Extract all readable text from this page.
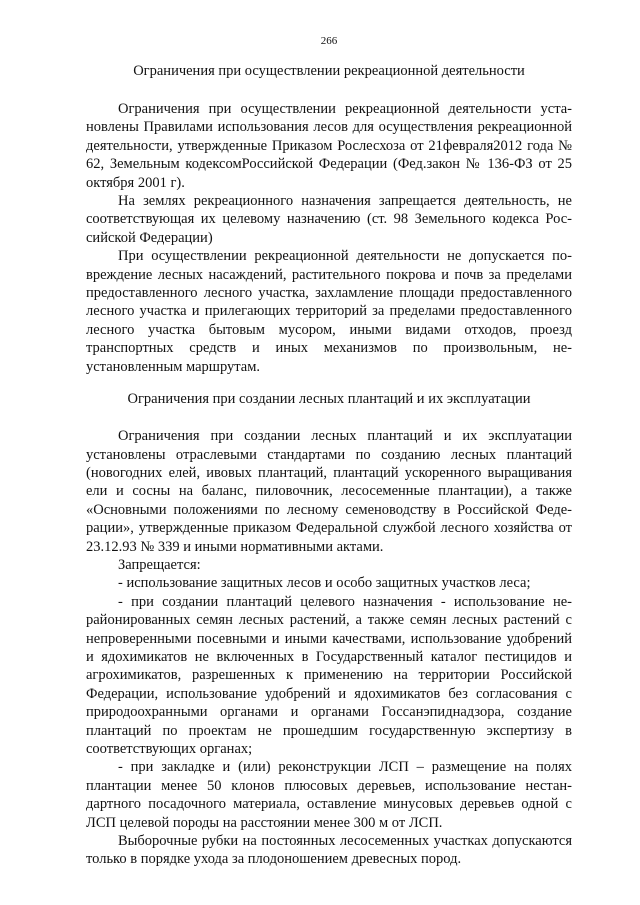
266
Ограничения при осуществлении рекреационной деятельности

Ограничения при осуществлении рекреационной деятельности установлены Правилами использования лесов для осуществления рекреационной деятельности, утвержденные Приказом Рослесхоза от 21февраля2012 года № 62, Земельным кодексомРоссийской Федерации (Фед.закон № 136-ФЗ от 25 октября 2001 г).

На землях рекреационного назначения запрещается деятельность, не соответствующая их целевому назначению (ст. 98 Земельного кодекса Российской Федерации)

При осуществлении рекреационной деятельности не допускается повреждение лесных насаждений, растительного покрова и почв за пределами предоставленного лесного участка, захламление площади предоставленного лесного участка и прилегающих территорий за пределами предоставленного лесного участка бытовым мусором, иными видами отходов, проезд транспортных средств и иных механизмов по произвольным, неустановленным маршрутам.

Ограничения при создании лесных плантаций и их эксплуатации

Ограничения при создании лесных плантаций и их эксплуатации установлены отраслевыми стандартами по созданию лесных плантаций (новогодних елей, ивовых плантаций, плантаций ускоренного выращивания ели и сосны на баланс, пиловочник, лесосеменные плантации), а также «Основными положениями по лесному семеноводству в Российской Федерации», утвержденные приказом Федеральной службой лесного хозяйства от 23.12.93 № 339 и иными нормативными актами.

Запрещается:

- использование защитных лесов и особо защитных участков леса;

- при создании плантаций целевого назначения - использование нерайонированных семян лесных растений, а также семян лесных растений с непроверенными посевными и иными качествами, использование удобрений и ядохимикатов не включенных в Государственный каталог пестицидов и агрохимикатов, разрешенных к применению на территории Российской Федерации, использование удобрений и ядохимикатов без согласования с природоохранными органами и органами Госсанэпиднадзора, создание плантаций по проектам не прошедшим государственную экспертизу в соответствующих органах;

- при закладке и (или) реконструкции ЛСП – размещение на полях плантации менее 50 клонов плюсовых деревьев, использование нестандартного посадочного материала, оставление минусовых деревьев одной с ЛСП целевой породы на расстоянии менее 300 м от ЛСП.

Выборочные рубки на постоянных лесосеменных участках допускаются только в порядке ухода за плодоношением древесных пород.
